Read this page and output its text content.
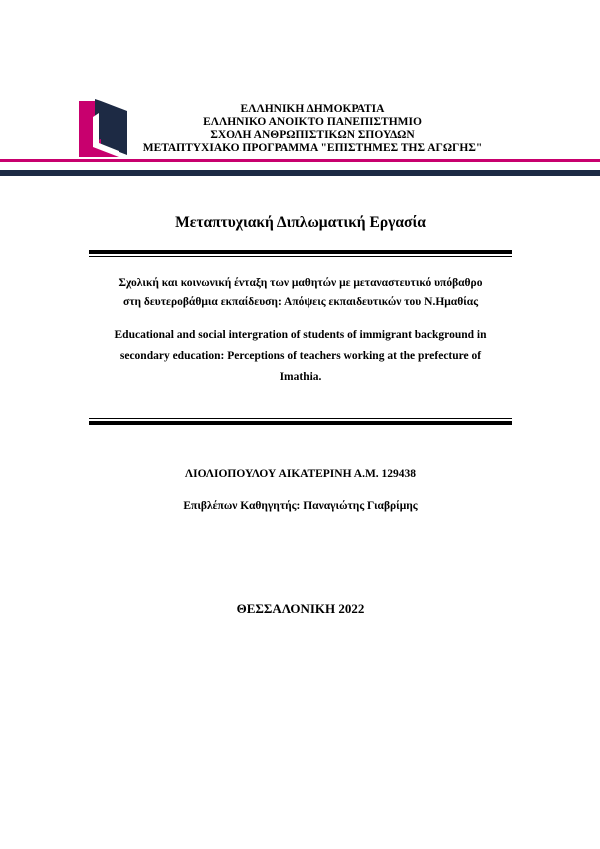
ΕΛΛΗΝΙΚΗ ΔΗΜΟΚΡΑΤΙΑ
ΕΛΛΗΝΙΚΟ ΑΝΟΙΚΤΟ ΠΑΝΕΠΙΣΤΗΜΙΟ
ΣΧΟΛΗ ΑΝΘΡΩΠΙΣΤΙΚΩΝ ΣΠΟΥΔΩΝ
ΜΕΤΑΠΤΥΧΙΑΚΟ ΠΡΟΓΡΑΜΜΑ "ΕΠΙΣΤΗΜΕΣ ΤΗΣ ΑΓΩΓΗΣ"
Μεταπτυχιακή Διπλωματική Εργασία
Σχολική και κοινωνική ένταξη των μαθητών με μεταναστευτικό υπόβαθρο
στη δευτεροβάθμια εκπαίδευση: Απόψεις εκπαιδευτικών του Ν.Ημαθίας
Educational and social intergration of students of immigrant background in
secondary education: Perceptions of teachers working at the prefecture of
Imathia.
ΛΙΟΛΙΟΠΟΥΛΟΥ ΑΙΚΑΤΕΡΙΝΗ Α.Μ. 129438
Επιβλέπων Καθηγητής: Παναγιώτης Γιαβρίμης
ΘΕΣΣΑΛΟΝΙΚΗ 2022
